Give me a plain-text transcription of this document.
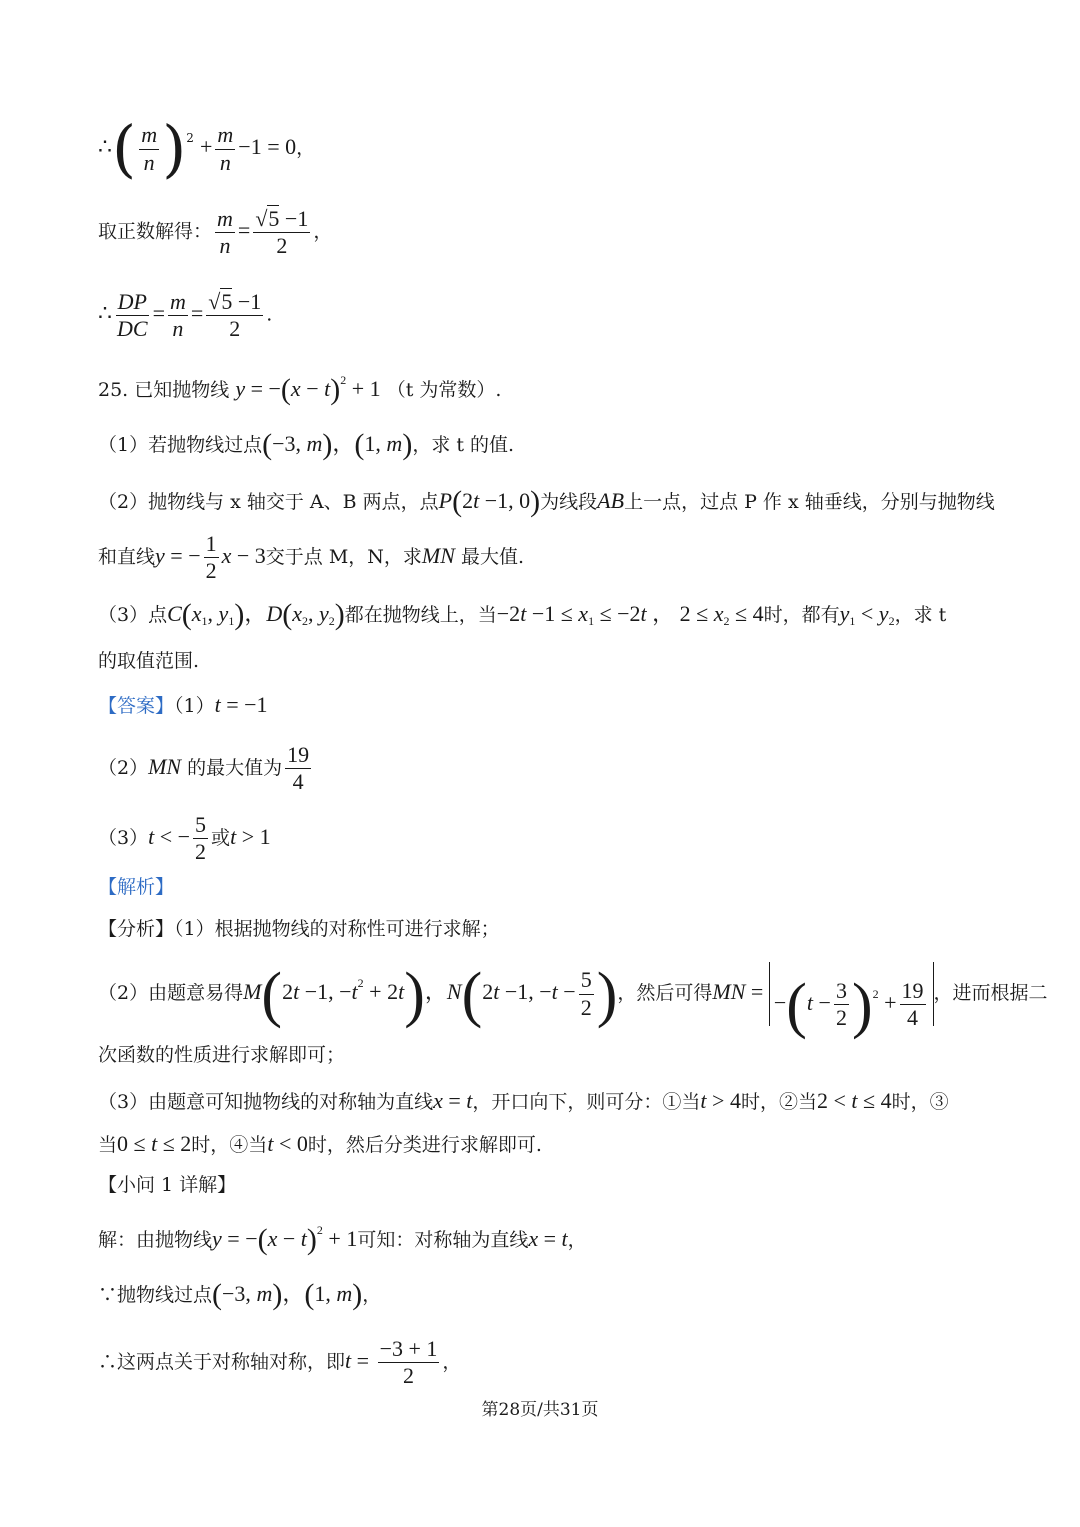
∴( $\frac{m}{n} )^2 + \frac{m}{n} -1 = 0$，
取正数解得： $\frac{m}{n} = \frac{√5 -1}{2}$ ，
∴ $\frac{DP}{DC} = \frac{m}{n} = \frac{√5 -1}{2}$ .
25. 已知抛物线 $y = -(x - t)^2 + 1$ （t 为常数）.
（1）若抛物线过点(−3, m)，(1, m)，求 t 的值.
（2）抛物线与 x 轴交于 A、B 两点，点P(2t −1, 0)为线段AB上一点，过点 P 作 x 轴垂线，分别与抛物线
和直线y = − $\frac{1}{2}$ x − 3交于点 M，N，求MN 最大值.
（3）点$C(x_1$, $y_1$)，$D(x_2$, $y_2$)都在抛物线上，当$-2t -1 \le x_1 \le -2t$ ， $2 \le x_2 \le 4$时，都有$y_1 < y_2$，求 t
的取值范围.
【答案】（1）t = −1
（2）MN 的最大值为 $\frac{19}{4}$
（3）t < − $\frac{5}{2}$ 或t > 1
【解析】
【分析】（1）根据抛物线的对称性可进行求解；
（2）由题意易得M(2t −1, $-t^2 + 2t$)，N(2t −1, $-t - \frac{5}{2}$ )，然后可得MN = $-(t - \frac{3}{2} )^2 + \frac{19}{4}$ ，进而根据二
次函数的性质进行求解即可；
（3）由题意可知抛物线的对称轴为直线x = t，开口向下，则可分：①当t > 4时，②当2 < t ≤ 4时，③
当0 ≤ t ≤ 2时，④当t < 0时，然后分类进行求解即可.
【小问 1 详解】
解：由抛物线$y = -(x - t)^2 + 1$可知：对称轴为直线x = t，
∵抛物线过点(−3, m)，(1, m)，
∴这两点关于对称轴对称，即$t = \frac{-3 + 1}{2}$ ，
第28页/共31页
